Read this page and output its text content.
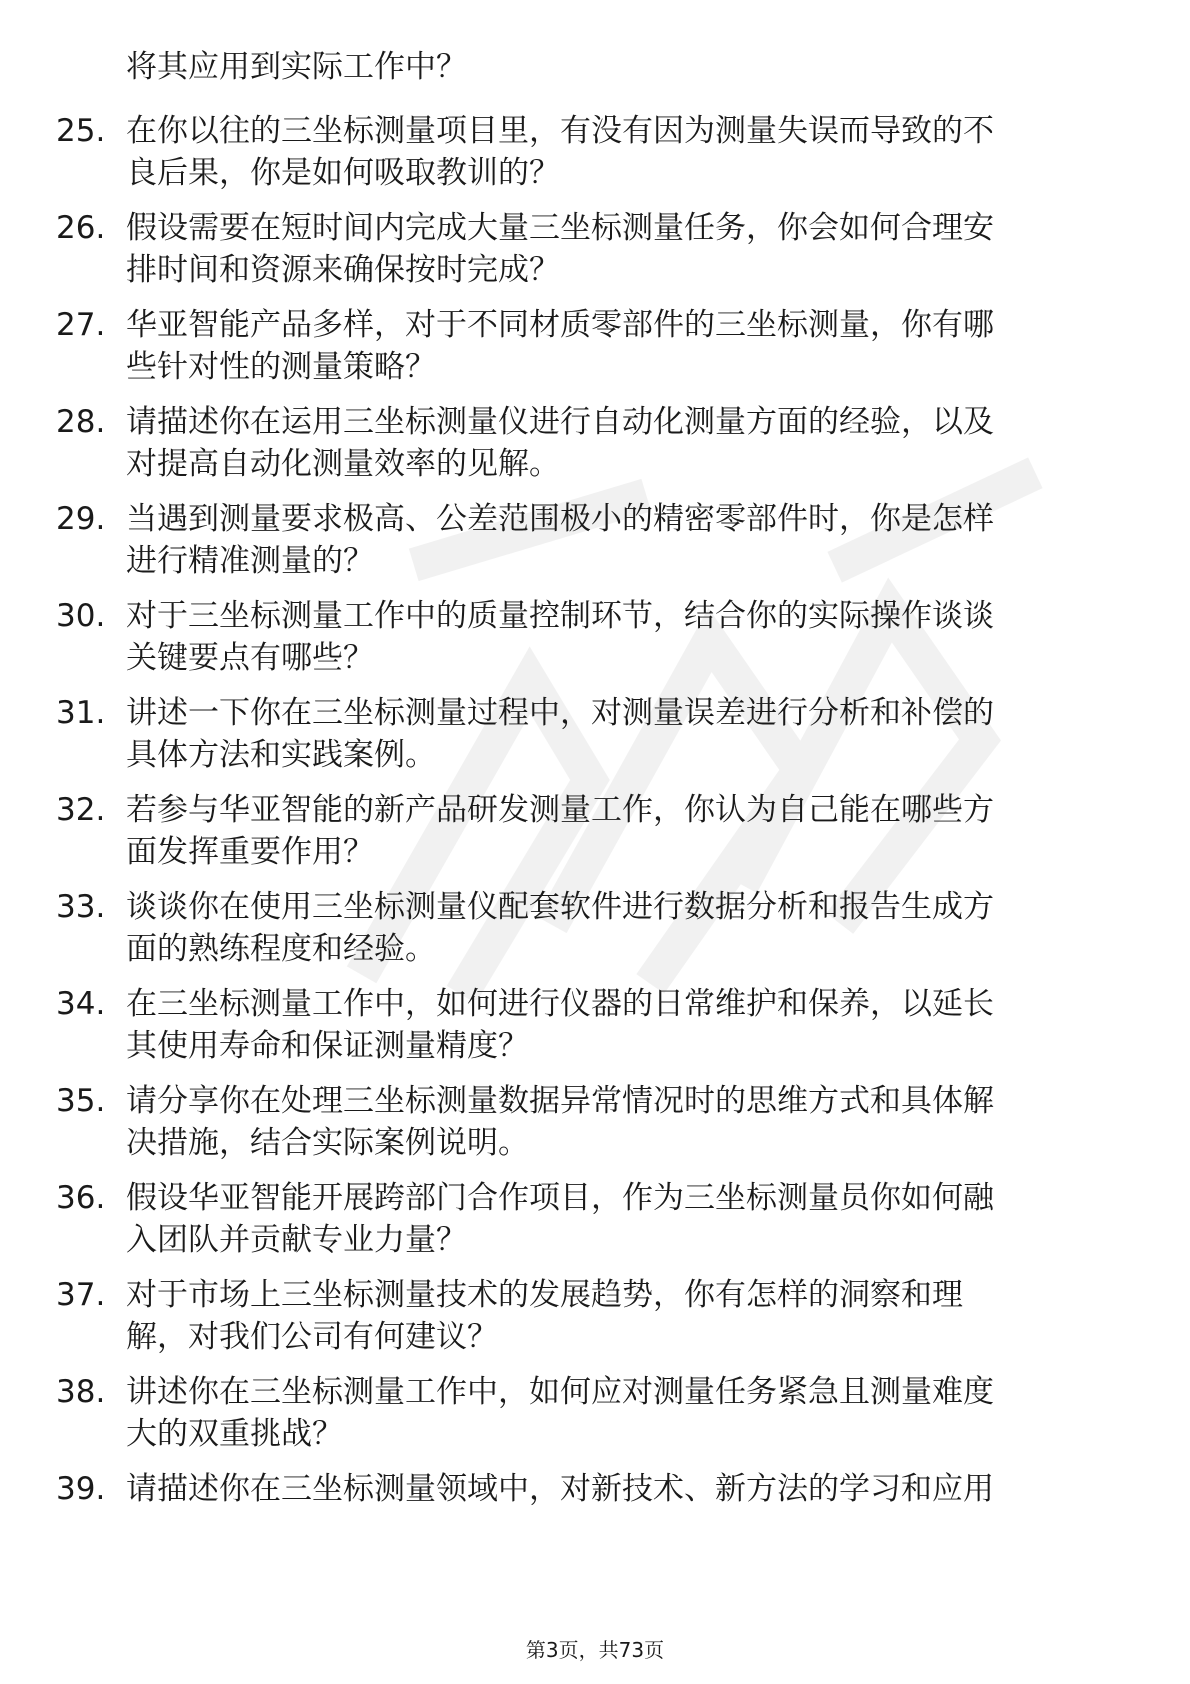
将其应用到实际工作中？
25. 在你以往的三坐标测量项目里，有没有因为测量失误而导致的不
良后果，你是如何吸取教训的？
26. 假设需要在短时间内完成大量三坐标测量任务，你会如何合理安
排时间和资源来确保按时完成？
27. 华亚智能产品多样，对于不同材质零部件的三坐标测量，你有哪
些针对性的测量策略？
28. 请描述你在运用三坐标测量仪进行自动化测量方面的经验，以及
对提高自动化测量效率的见解。
29. 当遇到测量要求极高、公差范围极小的精密零部件时，你是怎样
进行精准测量的？
30. 对于三坐标测量工作中的质量控制环节，结合你的实际操作谈谈
关键要点有哪些？
31. 讲述一下你在三坐标测量过程中，对测量误差进行分析和补偿的
具体方法和实践案例。
32. 若参与华亚智能的新产品研发测量工作，你认为自己能在哪些方
面发挥重要作用？
33. 谈谈你在使用三坐标测量仪配套软件进行数据分析和报告生成方
面的熟练程度和经验。
34. 在三坐标测量工作中，如何进行仪器的日常维护和保养，以延长
其使用寿命和保证测量精度？
35. 请分享你在处理三坐标测量数据异常情况时的思维方式和具体解
决措施，结合实际案例说明。
36. 假设华亚智能开展跨部门合作项目，作为三坐标测量员你如何融
入团队并贡献专业力量？
37. 对于市场上三坐标测量技术的发展趋势，你有怎样的洞察和理
解，对我们公司有何建议？
38. 讲述你在三坐标测量工作中，如何应对测量任务紧急且测量难度
大的双重挑战？
39. 请描述你在三坐标测量领域中，对新技术、新方法的学习和应用
第3页，共73页
